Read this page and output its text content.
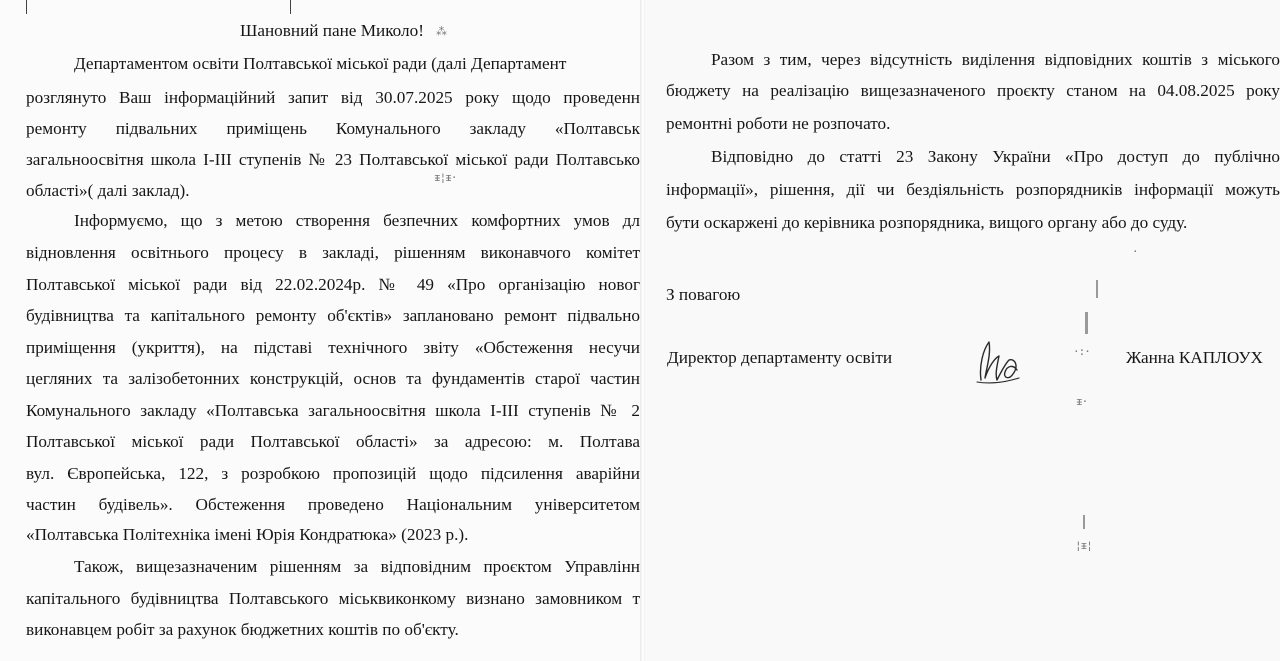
Шановний пане Миколо! ⁂
Департаментом освіти Полтавської міської ради (далі Департамент
розглянуто Ваш інформаційний запит від 30.07.2025 року щодо проведенн
ремонту підвальних приміщень Комунального закладу «Полтавськ
загальноосвітня школа І-ІІІ ступенів № 23 Полтавської міської ради Полтавсько
області»( далі заклад).
ᵻ¦ᵻ·
Інформуємо, що з метою створення безпечних комфортних умов дл
відновлення освітнього процесу в закладі, рішенням виконавчого комітет
Полтавської міської ради від 22.02.2024р. № 49 «Про організацію новог
будівництва та капітального ремонту об'єктів» заплановано ремонт підвально
приміщення (укриття), на підставі технічного звіту «Обстеження несучи
цегляних та залізобетонних конструкцій, основ та фундаментів старої частин
Комунального закладу «Полтавська загальноосвітня школа І-ІІІ ступенів № 2
Полтавської міської ради Полтавської області» за адресою: м. Полтава
вул. Європейська, 122, з розробкою пропозицій щодо підсилення аварійни
частин будівель». Обстеження проведено Національним університетом
«Полтавська Політехніка імені Юрія Кондратюка» (2023 р.).
Також, вищезазначеним рішенням за відповідним проєктом Управлінн
капітального будівництва Полтавського міськвиконкому визнано замовником т
виконавцем робіт за рахунок бюджетних коштів по об'єкту.
Разом з тим, через відсутність виділення відповідних коштів з міського
бюджету на реалізацію вищезазначеного проєкту станом на 04.08.2025 року
ремонтні роботи не розпочато.
Відповідно до статті 23 Закону України «Про доступ до публічно
інформації», рішення, дії чи бездіяльність розпорядників інформації можуть
бути оскаржені до керівника розпорядника, вищого органу або до суду.
З повагою
Директор департаменту освіти	Жанна КАПЛОУХ
·:·
ᵻ·
·
¦ᵻ¦
